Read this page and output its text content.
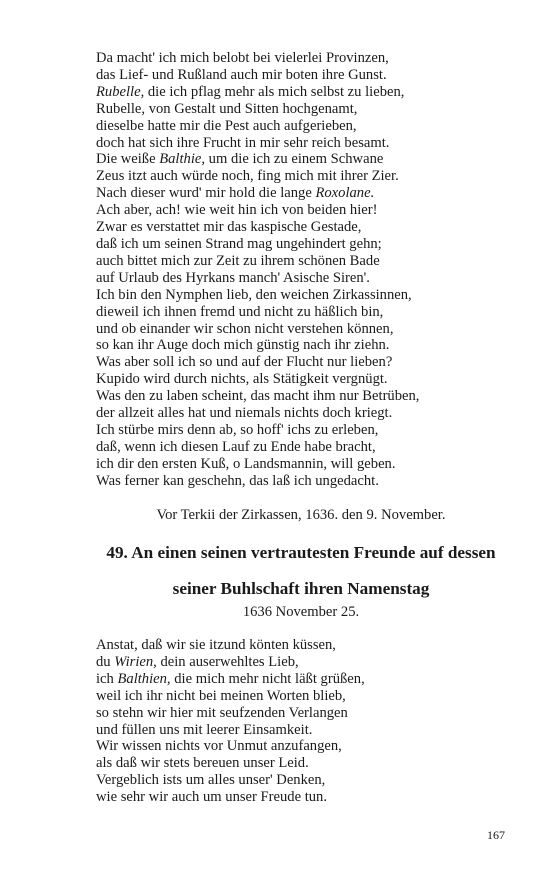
Da macht' ich mich belobt bei vielerlei Provinzen,
das Lief- und Rußland auch mir boten ihre Gunst.
Rubelle, die ich pflag mehr als mich selbst zu lieben,
Rubelle, von Gestalt und Sitten hochgenamt,
dieselbe hatte mir die Pest auch aufgerieben,
doch hat sich ihre Frucht in mir sehr reich besamt.
Die weiße Balthie, um die ich zu einem Schwane
Zeus itzt auch würde noch, fing mich mit ihrer Zier.
Nach dieser wurd' mir hold die lange Roxolane.
Ach aber, ach! wie weit hin ich von beiden hier!
Zwar es verstattet mir das kaspische Gestade,
daß ich um seinen Strand mag ungehindert gehn;
auch bittet mich zur Zeit zu ihrem schönen Bade
auf Urlaub des Hyrkans manch' Asische Siren'.
Ich bin den Nymphen lieb, den weichen Zirkassinnen,
dieweil ich ihnen fremd und nicht zu häßlich bin,
und ob einander wir schon nicht verstehen können,
so kan ihr Auge doch mich günstig nach ihr ziehn.
Was aber soll ich so und auf der Flucht nur lieben?
Kupido wird durch nichts, als Stätigkeit vergnügt.
Was den zu laben scheint, das macht ihm nur Betrüben,
der allzeit alles hat und niemals nichts doch kriegt.
Ich stürbe mirs denn ab, so hoff' ichs zu erleben,
daß, wenn ich diesen Lauf zu Ende habe bracht,
ich dir den ersten Kuß, o Landsmannin, will geben.
Was ferner kan geschehn, das laß ich ungedacht.
Vor Terkii der Zirkassen, 1636. den 9. November.
49. An einen seinen vertrautesten Freunde auf dessen
seiner Buhlschaft ihren Namenstag
1636 November 25.
Anstat, daß wir sie itzund könten küssen,
du Wirien, dein auserwehltes Lieb,
ich Balthien, die mich mehr nicht läßt grüßen,
weil ich ihr nicht bei meinen Worten blieb,
so stehn wir hier mit seufzenden Verlangen
und füllen uns mit leerer Einsamkeit.
Wir wissen nichts vor Unmut anzufangen,
als daß wir stets bereuen unser Leid.
Vergeblich ists um alles unser' Denken,
wie sehr wir auch um unser Freude tun.
167
